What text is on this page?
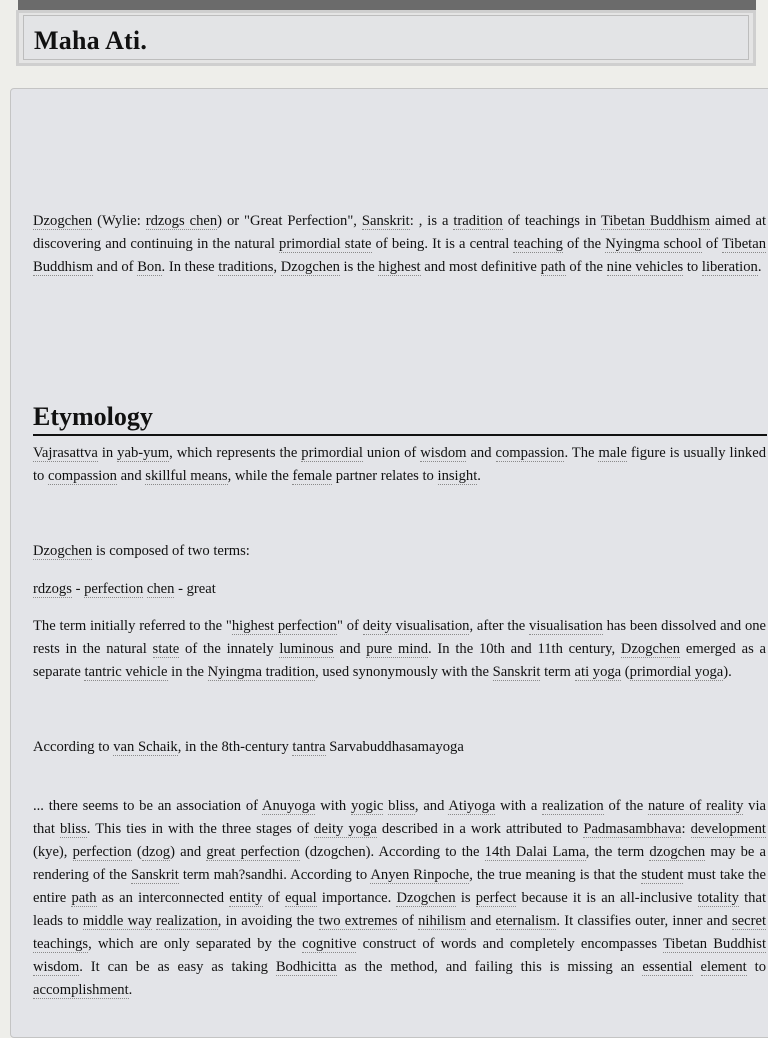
Maha Ati.

Dzogchen (Wylie: rdzogs chen) or "Great Perfection", Sanskrit: , is a tradition of teachings in Tibetan Buddhism aimed at discovering and continuing in the natural primordial state of being. It is a central teaching of the Nyingma school of Tibetan Buddhism and of Bon. In these traditions, Dzogchen is the highest and most definitive path of the nine vehicles to liberation.

Etymology

Vajrasattva in yab-yum, which represents the primordial union of wisdom and compassion. The male figure is usually linked to compassion and skillful means, while the female partner relates to insight.

Dzogchen is composed of two terms:

rdzogs - perfection chen - great

The term initially referred to the "highest perfection" of deity visualisation, after the visualisation has been dissolved and one rests in the natural state of the innately luminous and pure mind. In the 10th and 11th century, Dzogchen emerged as a separate tantric vehicle in the Nyingma tradition, used synonymously with the Sanskrit term ati yoga (primordial yoga).

According to van Schaik, in the 8th-century tantra Sarvabuddhasamayoga

... there seems to be an association of Anuyoga with yogic bliss, and Atiyoga with a realization of the nature of reality via that bliss. This ties in with the three stages of deity yoga described in a work attributed to Padmasambhava: development (kye), perfection (dzog) and great perfection (dzogchen). According to the 14th Dalai Lama, the term dzogchen may be a rendering of the Sanskrit term mah?sandhi. According to Anyen Rinpoche, the true meaning is that the student must take the entire path as an interconnected entity of equal importance. Dzogchen is perfect because it is an all-inclusive totality that leads to middle way realization, in avoiding the two extremes of nihilism and eternalism. It classifies outer, inner and secret teachings, which are only separated by the cognitive construct of words and completely encompasses Tibetan Buddhist wisdom. It can be as easy as taking Bodhicitta as the method, and failing this is missing an essential element to accomplishment.
